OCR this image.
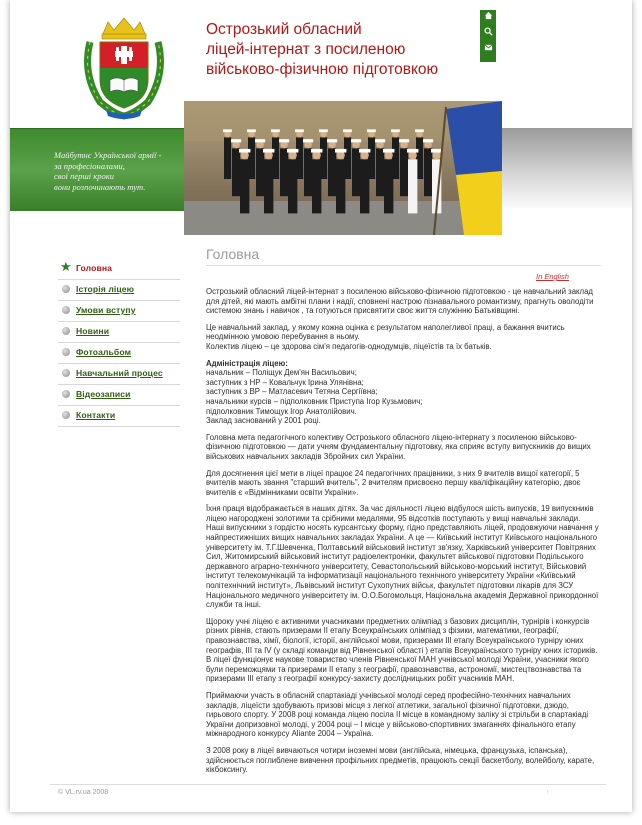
Острозький обласний
ліцей-інтернат з посиленою
військово-фізичною підготовкою
Майбутнє Української армії -
за професіоналами,
свої перші кроки
вони розпочинають тут.
★ Головна
Історія ліцею
Умови вступу
Новини
Фотоальбом
Навчальний процес
Відеозаписи
Контакти
Головна
In English

Острозький обласний ліцей-інтернат з посиленою військово-фізичною підготовкою - це навчальний заклад для дітей, які мають амбітні плани і надії, сповнені настрою пізнавального романтизму, прагнуть оволодіти системою знань і навичок , та готуються присвятити своє життя служінню Батьківщині.

Це навчальний заклад, у якому кожна оцінка є результатом наполегливої праці, а бажання вчитись неодмінною умовою перебування в ньому.

Колектив ліцею – це здорова сім'я педагогів-однодумців, ліцеїстів та їх батьків.

Адміністрація ліцею:
начальник – Поліщук Дем'ян Васильович;
заступник з НР – Ковальчук Ірина Улянівна;
заступник з ВР – Матласевич Тетяна Сергіївна;
начальники курсів – підполковник Приступа Ігор Кузьмович;
підполковник Тимощук Ігор Анатолійович.
Заклад заснований у 2001 році.

Головна мета педагогічного колективу Острозького обласного ліцею-інтернату з посиленою військово-фізичною підготовкою — дати учням фундаментальну підготовку, яка сприяє вступу випускників до вищих військових навчальних закладів Збройних сил України.

Для досягнення цієї мети в ліцеї працює 24 педагогічних працівники, з них 9 вчителів вищої категорії, 5 вчителів мають звання "старший вчитель", 2 вчителям присвоєно першу кваліфікаційну категорію, двоє вчителів є «Відмінниками освіти України».

Їхня праця відображається в наших дітях. За час діяльності ліцею відбулося шість випусків, 19 випускників ліцею нагороджені золотими та срібними медалями, 95 відсотків поступають у вищі навчальні заклади. Наші випускники з гордістю носять курсантську форму, гідно представляють ліцей, продовжуючи навчання у найпрестижніших вищих навчальних закладах України. А це — Київський інститут Київського національного університету ім. Т.Г.Шевченка, Полтавський військовий інститут зв'язку, Харківський університет Повітряних Сил, Житомирський військовий інститут радіоелектроніки, факультет військової підготовки Подільського державного аграрно-технічного університету, Севастопольський військово-морський інститут, Військовий інститут телекомунікацій та інформатизації національного технічного університету України «Київський політехнічний інститут», Львівський інститут Сухопутних військ, факультет підготовки лікарів для ЗСУ Національного медичного університету ім. О.О.Богомольця, Національна академія Державної прикордонної служби та інші.

Щороку учні ліцею є активними учасниками предметних олімпіад з базових дисциплін, турнірів і конкурсів різних рівнів, стають призерами ІІ етапу Всеукраїнських олімпіад з фізики, математики, географії, правознавства, хімії, біології, історії, англійської мови, призерами ІІІ етапу Всеукраїнського турніру юних географів, ІІІ та IV (у складі команди від Рівненської області ) етапів Всеукраїнського турніру юних істориків. В ліцеї функціонує наукове товариство членів Рівненської МАН учнівської молоді України, учасники якого були переможцями та призерами ІІ етапу з географії, правознавства, астрономії, мистецтвознавства та призерами ІІІ етапу з географії конкурсу-захисту дослідницьких робіт учасників МАН.

Приймаючи участь в обласній спартакіаді учнівської молоді серед професійно-технічних навчальних закладів, ліцеїсти здобувають призові місця з легкої атлетики, загальної фізичної підготовки, дзюдо, гирьового спорту. У 2008 році команда ліцею посіла ІІ місце в командному заліку зі стрільби в спартакіаді України допризовної молоді, у 2004 році – І місце у військово-спортивних змаганнях фінального етапу міжнародного конкурсу Aliante 2004 – Україна.

З 2008 року в ліцеї вивчаються чотири іноземні мови (англійська, німецька, французька, іспанська), здійснюється поглиблене вивчення профільних предметів, працюють секції баскетболу, волейболу, карате, кікбоксингу.

© VL.rv.ua 2008	↑
